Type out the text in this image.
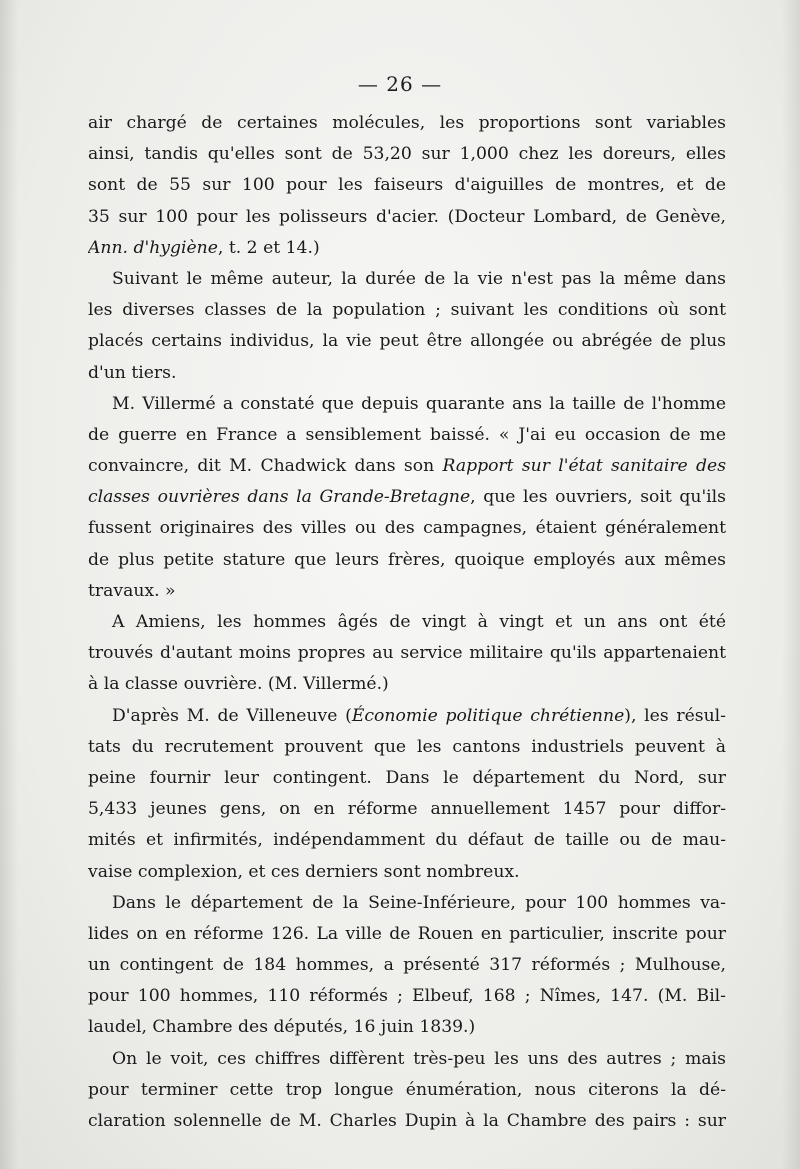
— 26 —
air chargé de certaines molécules, les proportions sont variables
ainsi, tandis qu'elles sont de 53,20 sur 1,000 chez les doreurs, elles
sont de 55 sur 100 pour les faiseurs d'aiguilles de montres, et de
35 sur 100 pour les polisseurs d'acier. (Docteur Lombard, de Genève,
Ann. d'hygiène, t. 2 et 14.)
Suivant le même auteur, la durée de la vie n'est pas la même dans
les diverses classes de la population ; suivant les conditions où sont
placés certains individus, la vie peut être allongée ou abrégée de plus
d'un tiers.
M. Villermé a constaté que depuis quarante ans la taille de l'homme
de guerre en France a sensiblement baissé. « J'ai eu occasion de me
convaincre, dit M. Chadwick dans son Rapport sur l'état sanitaire des
classes ouvrières dans la Grande-Bretagne, que les ouvriers, soit qu'ils
fussent originaires des villes ou des campagnes, étaient généralement
de plus petite stature que leurs frères, quoique employés aux mêmes
travaux. »
A Amiens, les hommes âgés de vingt à vingt et un ans ont été
trouvés d'autant moins propres au service militaire qu'ils appartenaient
à la classe ouvrière. (M. Villermé.)
D'après M. de Villeneuve (Économie politique chrétienne), les résul-
tats du recrutement prouvent que les cantons industriels peuvent à
peine fournir leur contingent. Dans le département du Nord, sur
5,433 jeunes gens, on en réforme annuellement 1457 pour diffor-
mités et infirmités, indépendamment du défaut de taille ou de mau-
vaise complexion, et ces derniers sont nombreux.
Dans le département de la Seine-Inférieure, pour 100 hommes va-
lides on en réforme 126. La ville de Rouen en particulier, inscrite pour
un contingent de 184 hommes, a présenté 317 réformés ; Mulhouse,
pour 100 hommes, 110 réformés ; Elbeuf, 168 ; Nîmes, 147. (M. Bil-
laudel, Chambre des députés, 16 juin 1839.)
On le voit, ces chiffres diffèrent très-peu les uns des autres ; mais
pour terminer cette trop longue énumération, nous citerons la dé-
claration solennelle de M. Charles Dupin à la Chambre des pairs : sur
